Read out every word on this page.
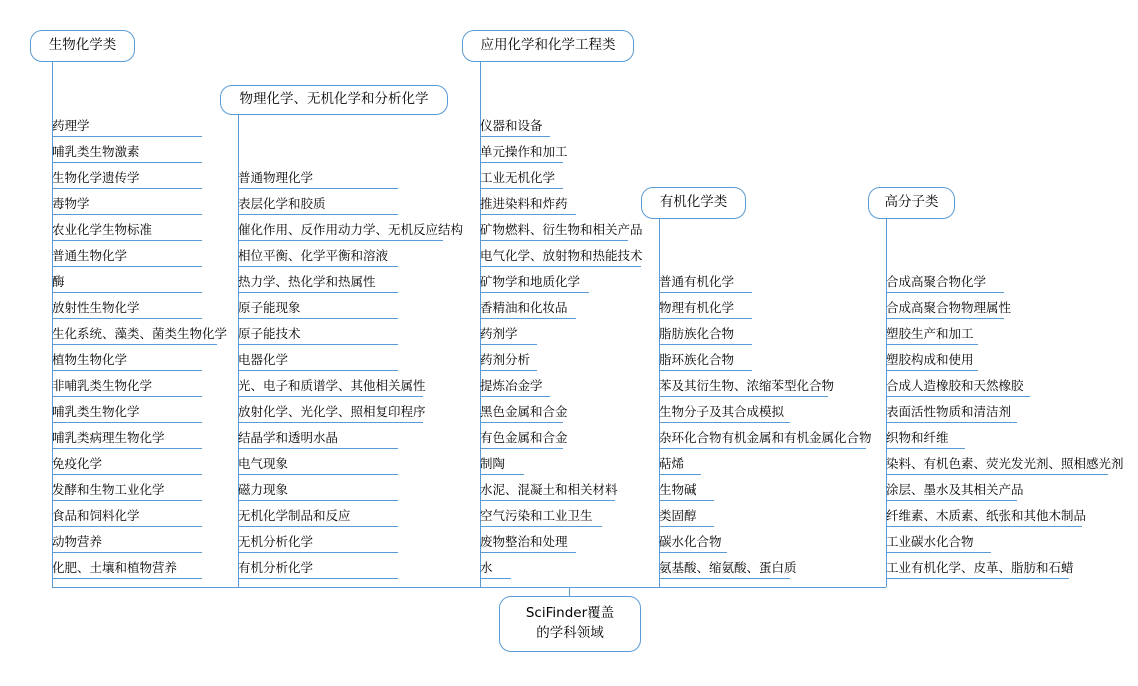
生物化学类
药理学
哺乳类生物激素
生物化学遗传学
毒物学
农业化学生物标准
普通生物化学
酶
放射性生物化学
生化系统、藻类、菌类生物化学
植物生物化学
非哺乳类生物化学
哺乳类生物化学
哺乳类病理生物化学
免疫化学
发酵和生物工业化学
食品和饲料化学
动物营养
化肥、土壤和植物营养
物理化学、无机化学和分析化学
普通物理化学
表层化学和胶质
催化作用、反作用动力学、无机反应结构
相位平衡、化学平衡和溶液
热力学、热化学和热属性
原子能现象
原子能技术
电器化学
光、电子和质谱学、其他相关属性
放射化学、光化学、照相复印程序
结晶学和透明水晶
电气现象
磁力现象
无机化学制品和反应
无机分析化学
有机分析化学
应用化学和化学工程类
仪器和设备
单元操作和加工
工业无机化学
推进染料和炸药
矿物燃料、衍生物和相关产品
电气化学、放射物和热能技术
矿物学和地质化学
香精油和化妆品
药剂学
药剂分析
提炼冶金学
黑色金属和合金
有色金属和合金
制陶
水泥、混凝土和相关材料
空气污染和工业卫生
废物整治和处理
水
有机化学类
普通有机化学
物理有机化学
脂肪族化合物
脂环族化合物
苯及其衍生物、浓缩苯型化合物
生物分子及其合成模拟
杂环化合物有机金属和有机金属化合物
萜烯
生物碱
类固醇
碳水化合物
氨基酸、缩氨酸、蛋白质
高分子类
合成高聚合物化学
合成高聚合物物理属性
塑胶生产和加工
塑胶构成和使用
合成人造橡胶和天然橡胶
表面活性物质和清洁剂
织物和纤维
染料、有机色素、荧光发光剂、照相感光剂
涂层、墨水及其相关产品
纤维素、木质素、纸张和其他木制品
工业碳水化合物
工业有机化学、皮革、脂肪和石蜡
SciFinder覆盖
的学科领域
